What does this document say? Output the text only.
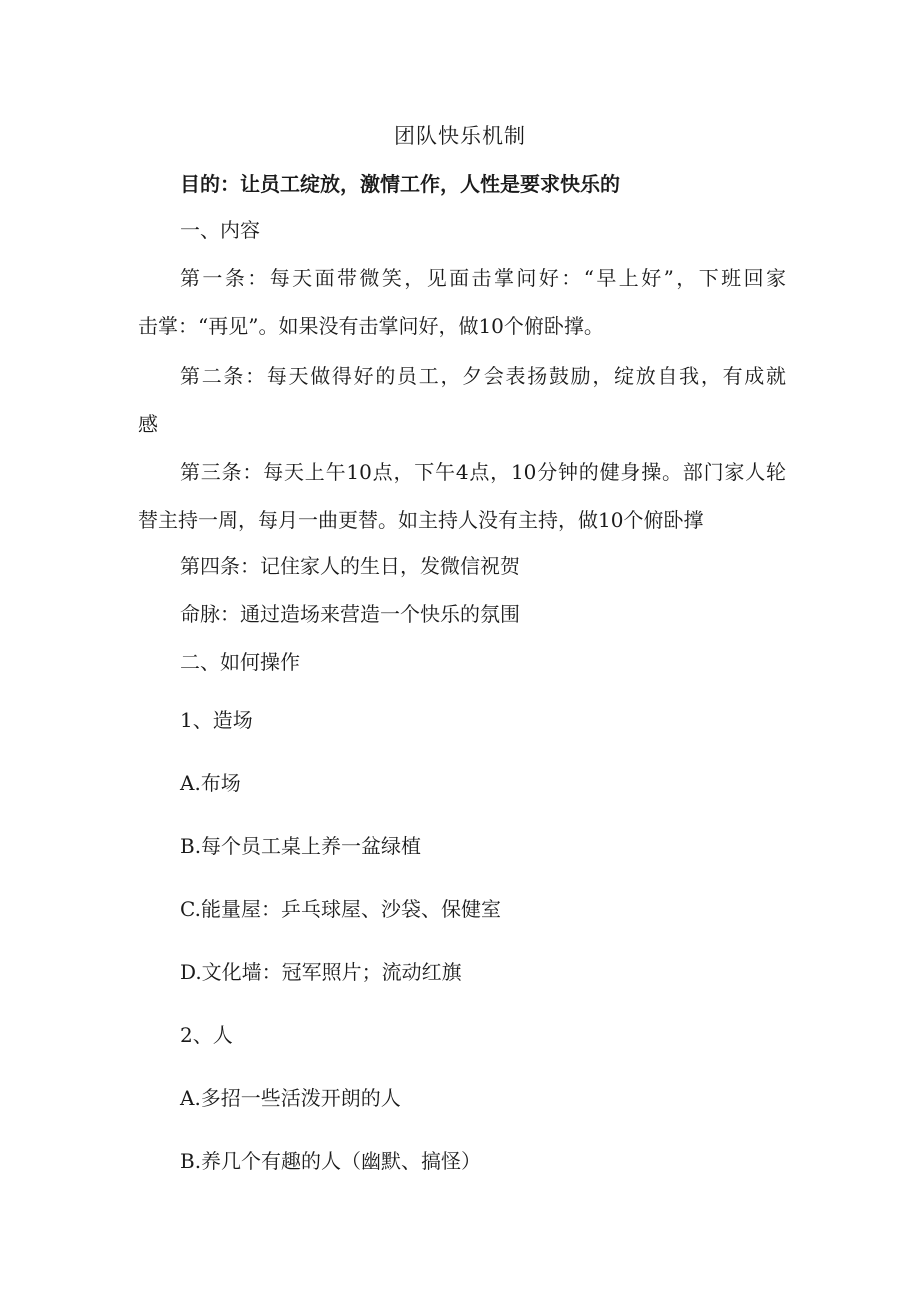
团队快乐机制

目的：让员工绽放，激情工作，人性是要求快乐的

一、内容

第一条：每天面带微笑，见面击掌问好：“早上好”，下班回家

击掌：“再见”。如果没有击掌问好，做10个俯卧撑。

第二条：每天做得好的员工，夕会表扬鼓励，绽放自我，有成就

感

第三条：每天上午10点，下午4点，10分钟的健身操。部门家人轮

替主持一周，每月一曲更替。如主持人没有主持，做10个俯卧撑

第四条：记住家人的生日，发微信祝贺

命脉：通过造场来营造一个快乐的氛围

二、如何操作

1、造场

A.布场

B.每个员工桌上养一盆绿植

C.能量屋：乒乓球屋、沙袋、保健室

D.文化墙：冠军照片；流动红旗

2、人

A.多招一些活泼开朗的人

B.养几个有趣的人（幽默、搞怪）
